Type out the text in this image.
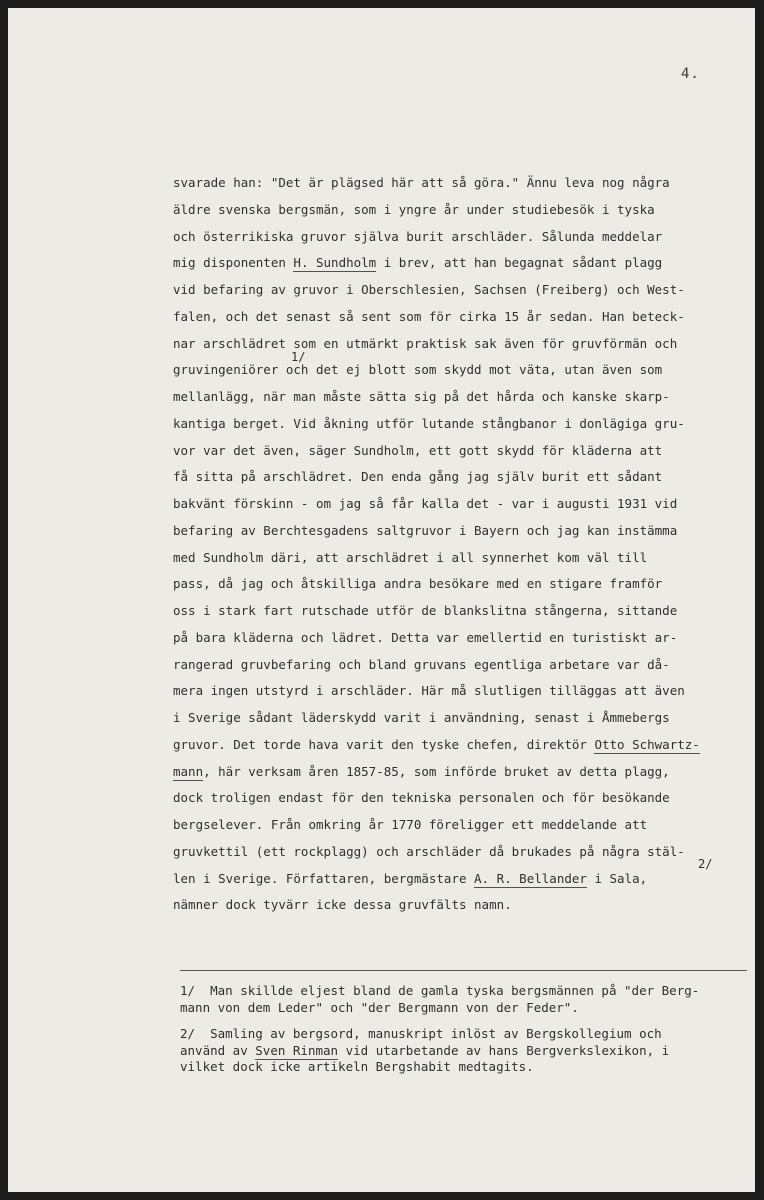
4.
svarade han: "Det är plägsed här att så göra." Ännu leva nog några
äldre svenska bergsmän, som i yngre år under studiebesök i tyska
och österrikiska gruvor själva burit arschläder. Sålunda meddelar
mig disponenten H. Sundholm i brev, att han begagnat sådant plagg
vid befaring av gruvor i Oberschlesien, Sachsen (Freiberg) och West-
falen, och det senast så sent som för cirka 15 år sedan. Han beteck-
nar arschlädret som en utmärkt praktisk sak även för gruvförmän och
gruvingeniörer
1/
och det ej blott som skydd mot väta, utan även som
mellanlägg, när man måste sätta sig på det hårda och kanske skarp-
kantiga berget. Vid åkning utför lutande stångbanor i donlägiga gru-
vor var det även, säger Sundholm, ett gott skydd för kläderna att
få sitta på arschlädret. Den enda gång jag själv burit ett sådant
bakvänt förskinn - om jag så får kalla det - var i augusti 1931 vid
befaring av Berchtesgadens saltgruvor i Bayern och jag kan instämma
med Sundholm däri, att arschlädret i all synnerhet kom väl till
pass, då jag och åtskilliga andra besökare med en stigare framför
oss i stark fart rutschade utför de blankslitna stångerna, sittande
på bara kläderna och lädret. Detta var emellertid en turistiskt ar-
rangerad gruvbefaring och bland gruvans egentliga arbetare var då-
mera ingen utstyrd i arschläder. Här må slutligen tilläggas att även
i Sverige sådant läderskydd varit i användning, senast i Åmmebergs
gruvor. Det torde hava varit den tyske chefen, direktör Otto Schwartz-
mann, här verksam åren 1857-85, som införde bruket av detta plagg,
dock troligen endast för den tekniska personalen och för besökande
bergselever. Från omkring år 1770 föreligger ett meddelande att
gruvkettil (ett rockplagg) och arschläder då brukades på några stäl-
len i Sverige. Författaren, bergmästare A. R. Bellander i Sala,
2/
nämner dock tyvärr icke dessa gruvfälts namn.
1/  Man skillde eljest bland de gamla tyska bergsmännen på "der Berg-
mann von dem Leder" och "der Bergmann von der Feder".
2/  Samling av bergsord, manuskript inlöst av Bergskollegium och
använd av Sven Rinman vid utarbetande av hans Bergverkslexikon, i
vilket dock icke artikeln Bergshabit medtagits.
